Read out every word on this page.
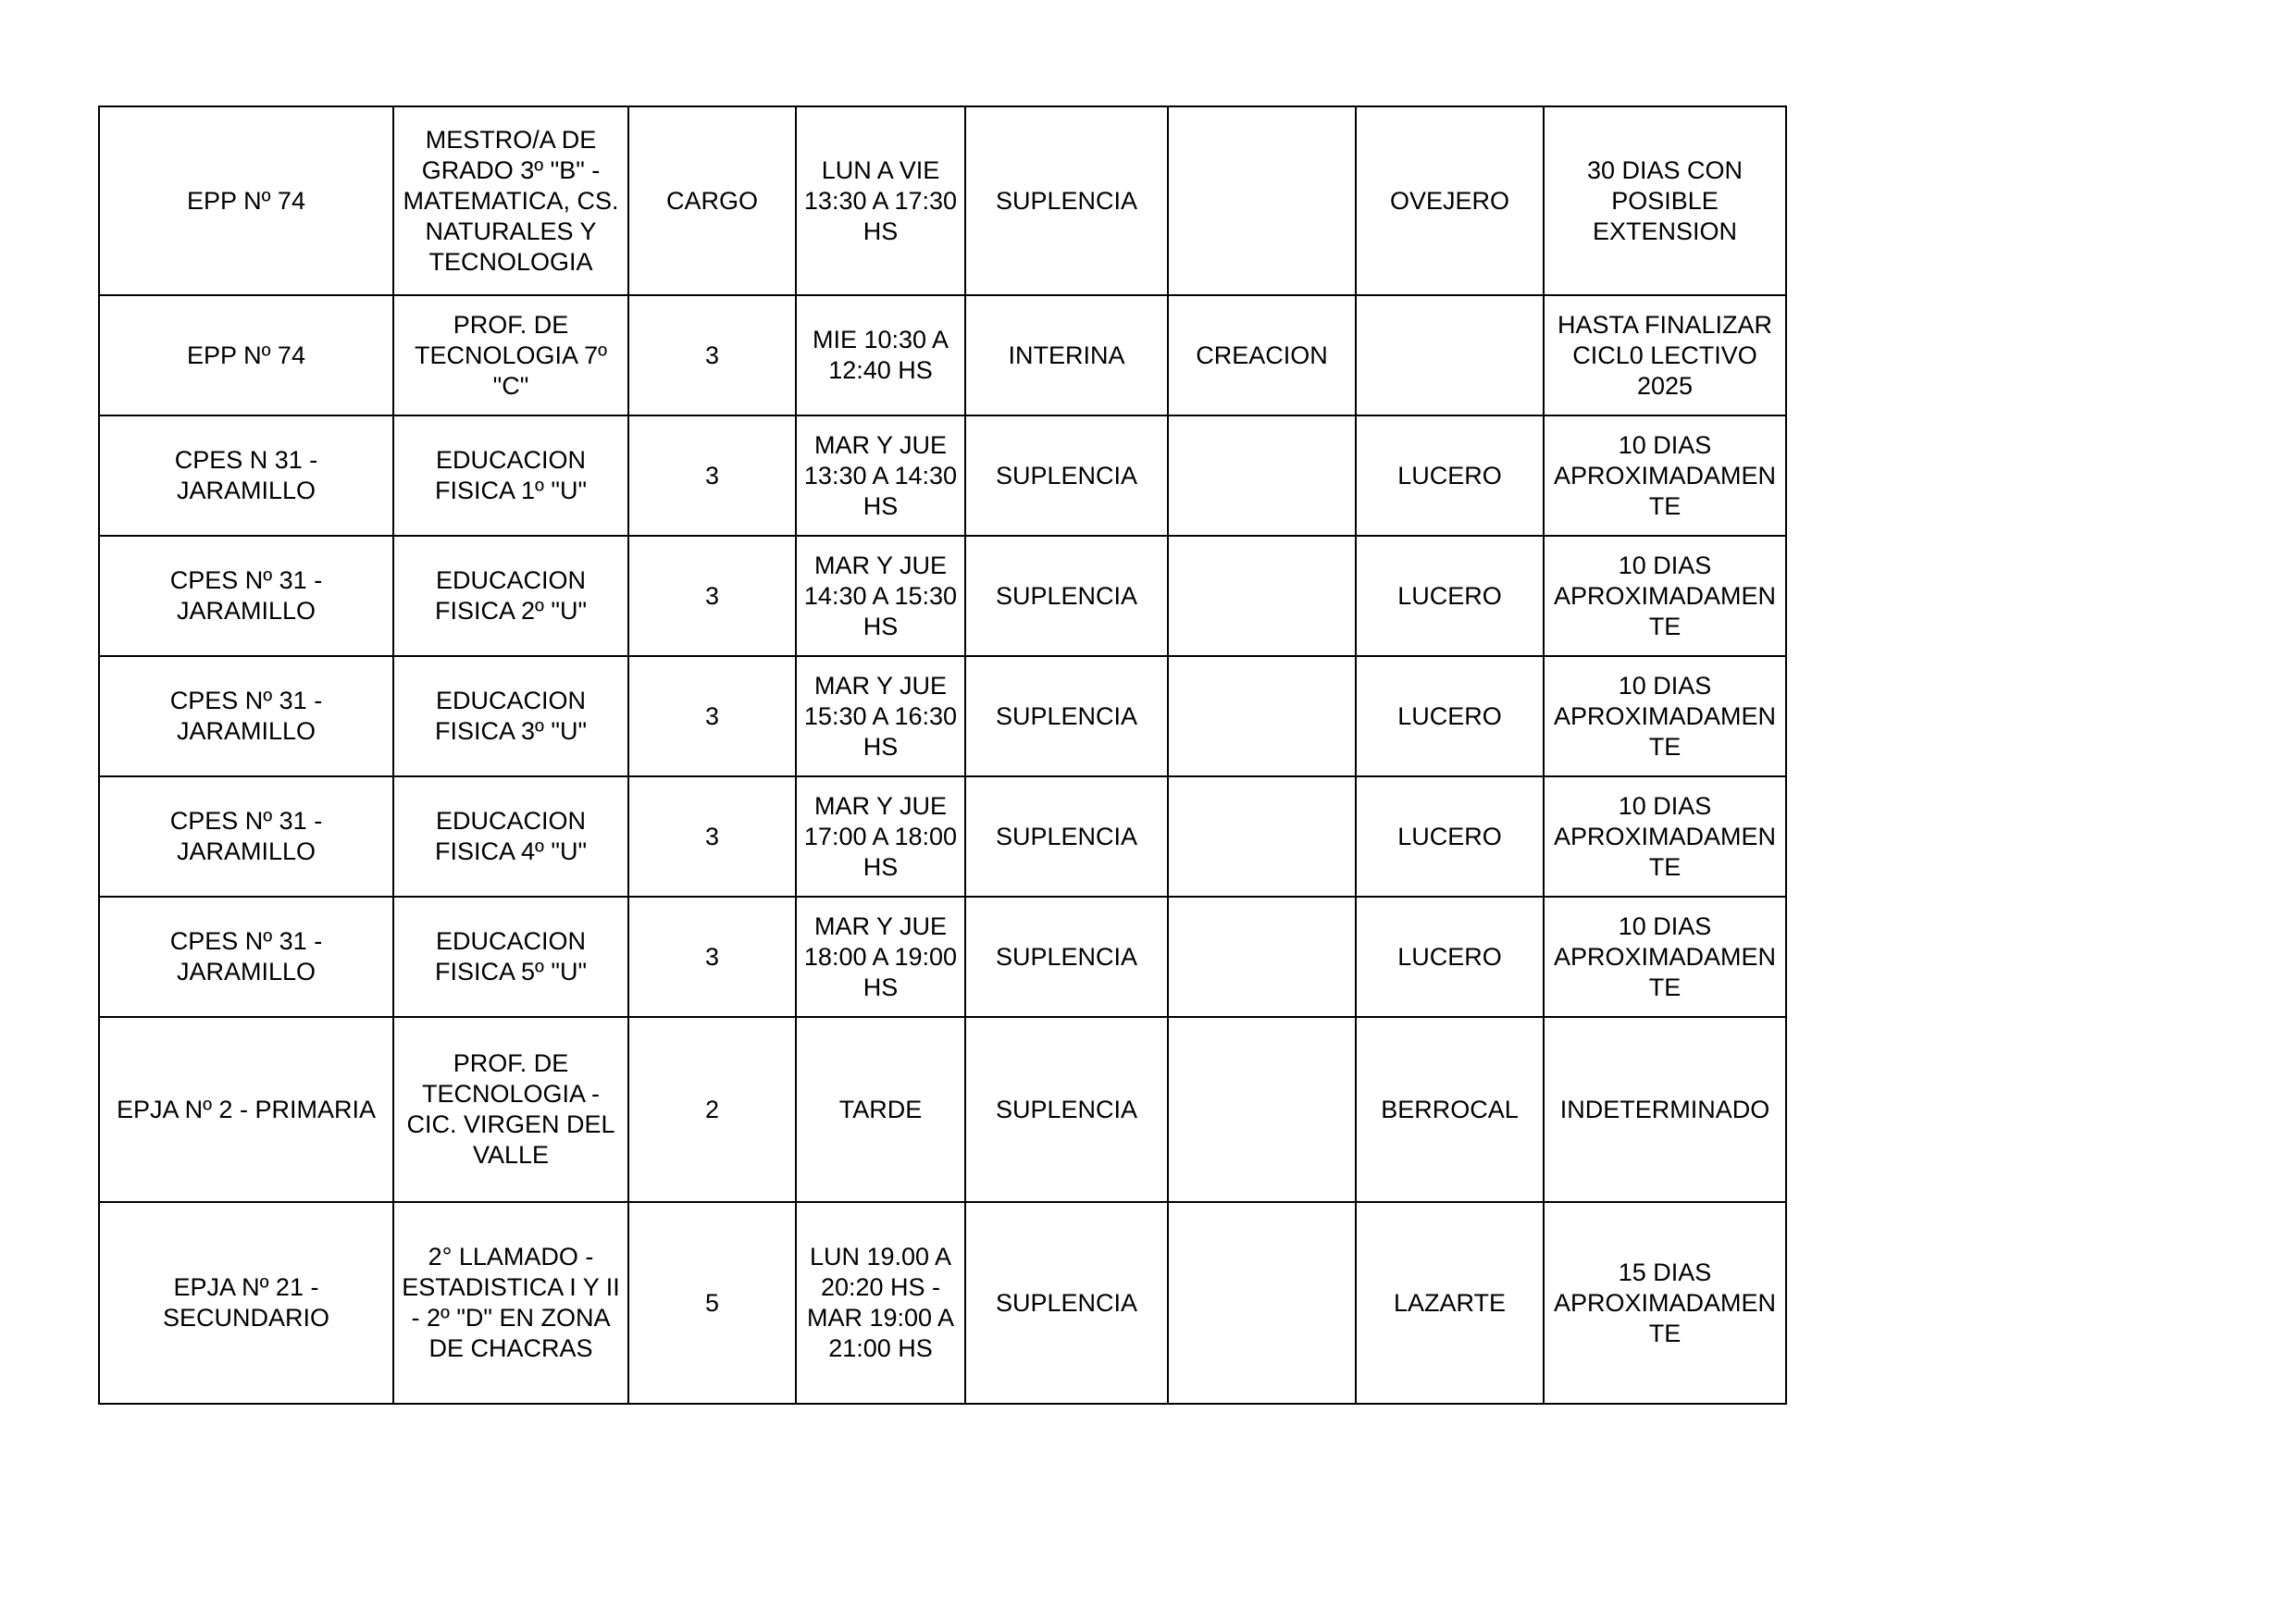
EPP Nº 74	MESTRO/A DE GRADO 3º "B" - MATEMATICA, CS. NATURALES Y TECNOLOGIA	CARGO	LUN A VIE 13:30 A 17:30 HS	SUPLENCIA		OVEJERO	30 DIAS CON POSIBLE EXTENSION
EPP Nº 74	PROF. DE TECNOLOGIA 7º "C"	3	MIE 10:30 A 12:40 HS	INTERINA	CREACION		HASTA FINALIZAR CICL0 LECTIVO 2025
CPES N 31 - JARAMILLO	EDUCACION FISICA 1º "U"	3	MAR Y JUE 13:30 A 14:30 HS	SUPLENCIA		LUCERO	10 DIAS APROXIMADAMEN TE
CPES Nº 31 - JARAMILLO	EDUCACION FISICA 2º "U"	3	MAR Y JUE 14:30 A 15:30 HS	SUPLENCIA		LUCERO	10 DIAS APROXIMADAMEN TE
CPES Nº 31 - JARAMILLO	EDUCACION FISICA 3º "U"	3	MAR Y JUE 15:30 A 16:30 HS	SUPLENCIA		LUCERO	10 DIAS APROXIMADAMEN TE
CPES Nº 31 - JARAMILLO	EDUCACION FISICA 4º "U"	3	MAR Y JUE 17:00 A 18:00 HS	SUPLENCIA		LUCERO	10 DIAS APROXIMADAMEN TE
CPES Nº 31 - JARAMILLO	EDUCACION FISICA 5º "U"	3	MAR Y JUE 18:00 A 19:00 HS	SUPLENCIA		LUCERO	10 DIAS APROXIMADAMEN TE
EPJA Nº 2 - PRIMARIA	PROF. DE TECNOLOGIA - CIC. VIRGEN DEL VALLE	2	TARDE	SUPLENCIA		BERROCAL	INDETERMINADO
EPJA Nº 21 - SECUNDARIO	2° LLAMADO - ESTADISTICA I Y II - 2º "D" EN ZONA DE CHACRAS	5	LUN 19.00 A 20:20 HS - MAR 19:00 A 21:00 HS	SUPLENCIA		LAZARTE	15 DIAS APROXIMADAMEN TE
